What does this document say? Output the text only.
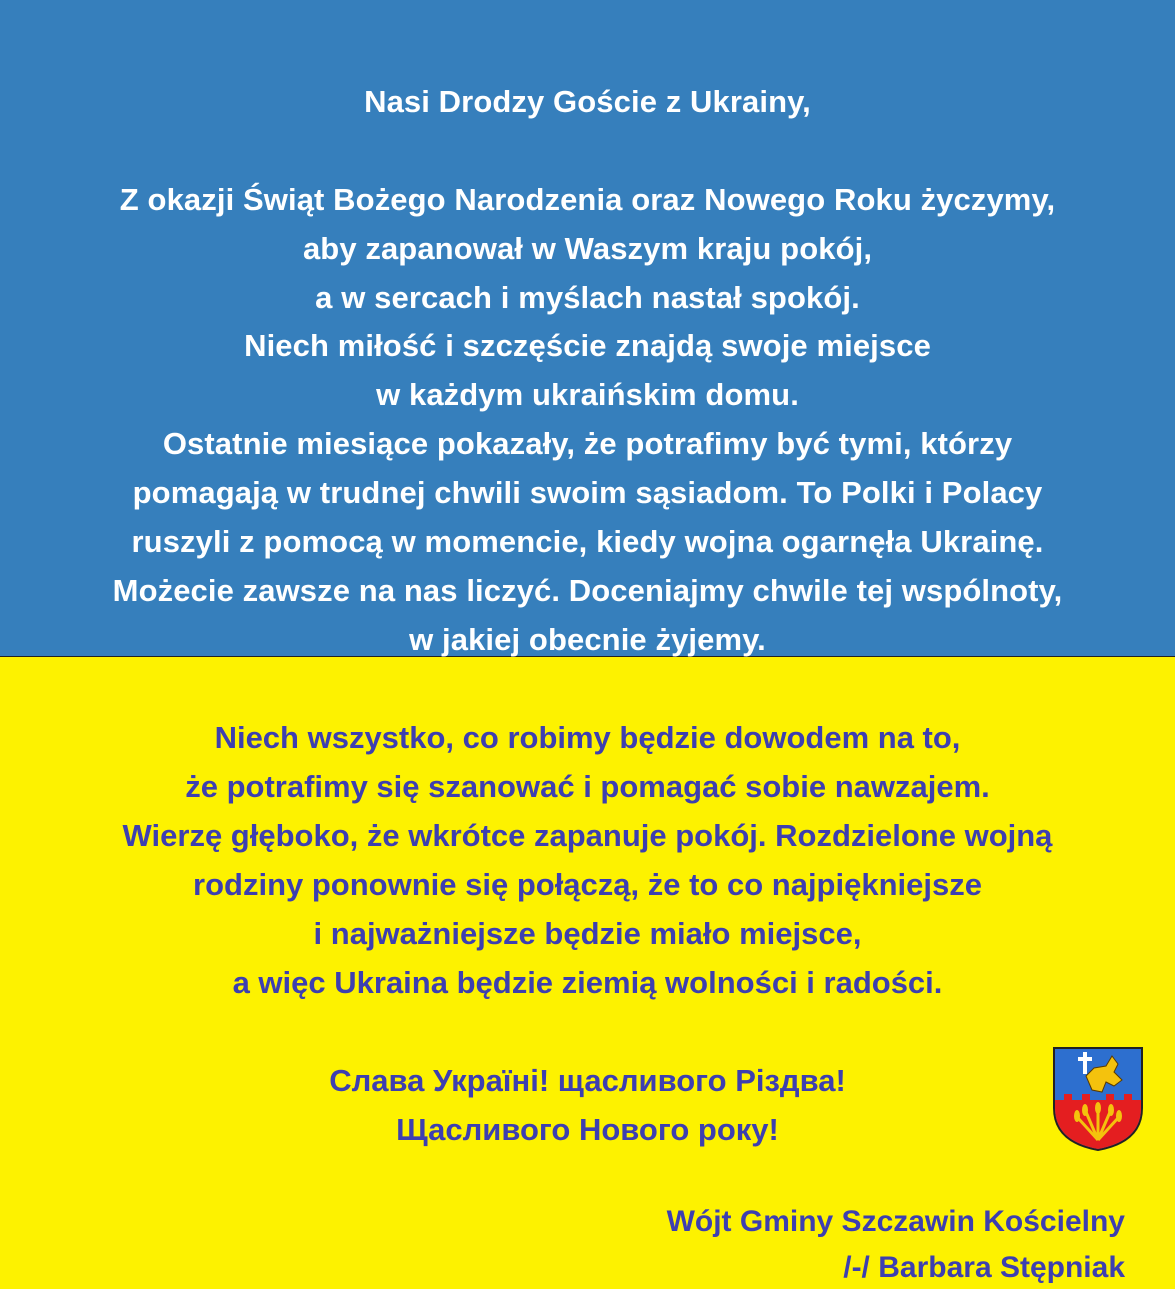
Nasi Drodzy Goście z Ukrainy,
Z okazji Świąt Bożego Narodzenia oraz Nowego Roku życzymy,
aby zapanował w Waszym kraju pokój,
a w sercach i myślach nastał spokój.
Niech miłość i szczęście znajdą swoje miejsce
w każdym ukraińskim domu.
Ostatnie miesiące pokazały, że potrafimy być tymi, którzy
pomagają w trudnej chwili swoim sąsiadom. To Polki i Polacy
ruszyli z pomocą w momencie, kiedy wojna ogarnęła Ukrainę.
Możecie zawsze na nas liczyć. Doceniajmy chwile tej wspólnoty,
w jakiej obecnie żyjemy.
Niech wszystko, co robimy będzie dowodem na to,
że potrafimy się szanować i pomagać sobie nawzajem.
Wierzę głęboko, że wkrótce zapanuje pokój. Rozdzielone wojną
rodziny ponownie się połączą, że to co najpiękniejsze
i najważniejsze będzie miało miejsce,
a więc Ukraina będzie ziemią wolności i radości.
Слава Україні! щасливого Різдва!
Щасливого Нового року!
Wójt Gminy Szczawin Kościelny
/-/ Barbara Stępniak
